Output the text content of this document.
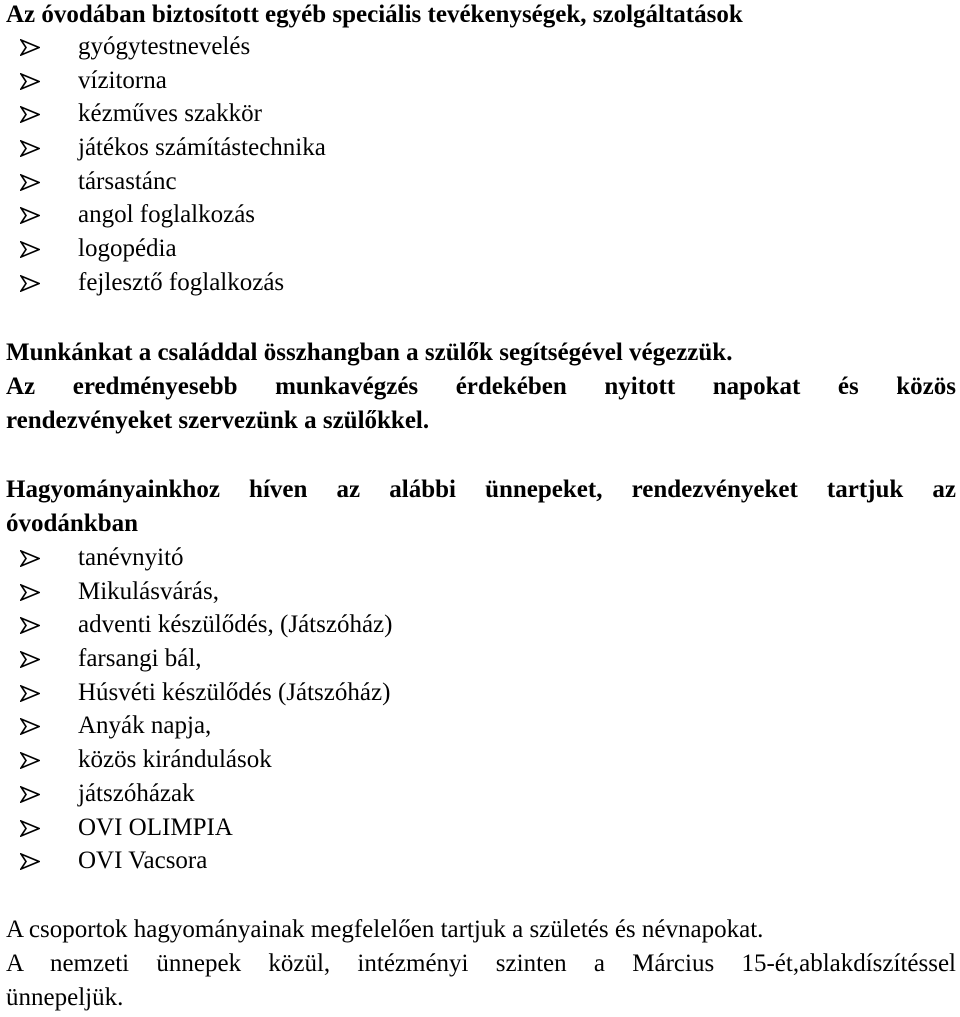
Az óvodában biztosított egyéb speciális tevékenységek, szolgáltatások

gyógytestnevelés
vízitorna
kézműves szakkör
játékos számítástechnika
társastánc
angol foglalkozás
logopédia
fejlesztő foglalkozás
Munkánkat a családdal összhangban a szülők segítségével végezzük.
Az eredményesebb munkavégzés érdekében nyitott napokat és közös
rendezvényeket szervezünk a szülőkkel.
Hagyományainkhoz híven az alábbi ünnepeket, rendezvényeket tartjuk az
óvodánkban
tanévnyitó
Mikulásvárás,
adventi készülődés, (Játszóház)
farsangi bál,
Húsvéti készülődés (Játszóház)
Anyák napja,
közös kirándulások
játszóházak
OVI OLIMPIA
OVI Vacsora
A csoportok hagyományainak megfelelően tartjuk a születés és névnapokat.
A nemzeti ünnepek közül, intézményi szinten a Március 15-ét,ablakdíszítéssel
ünnepeljük.
